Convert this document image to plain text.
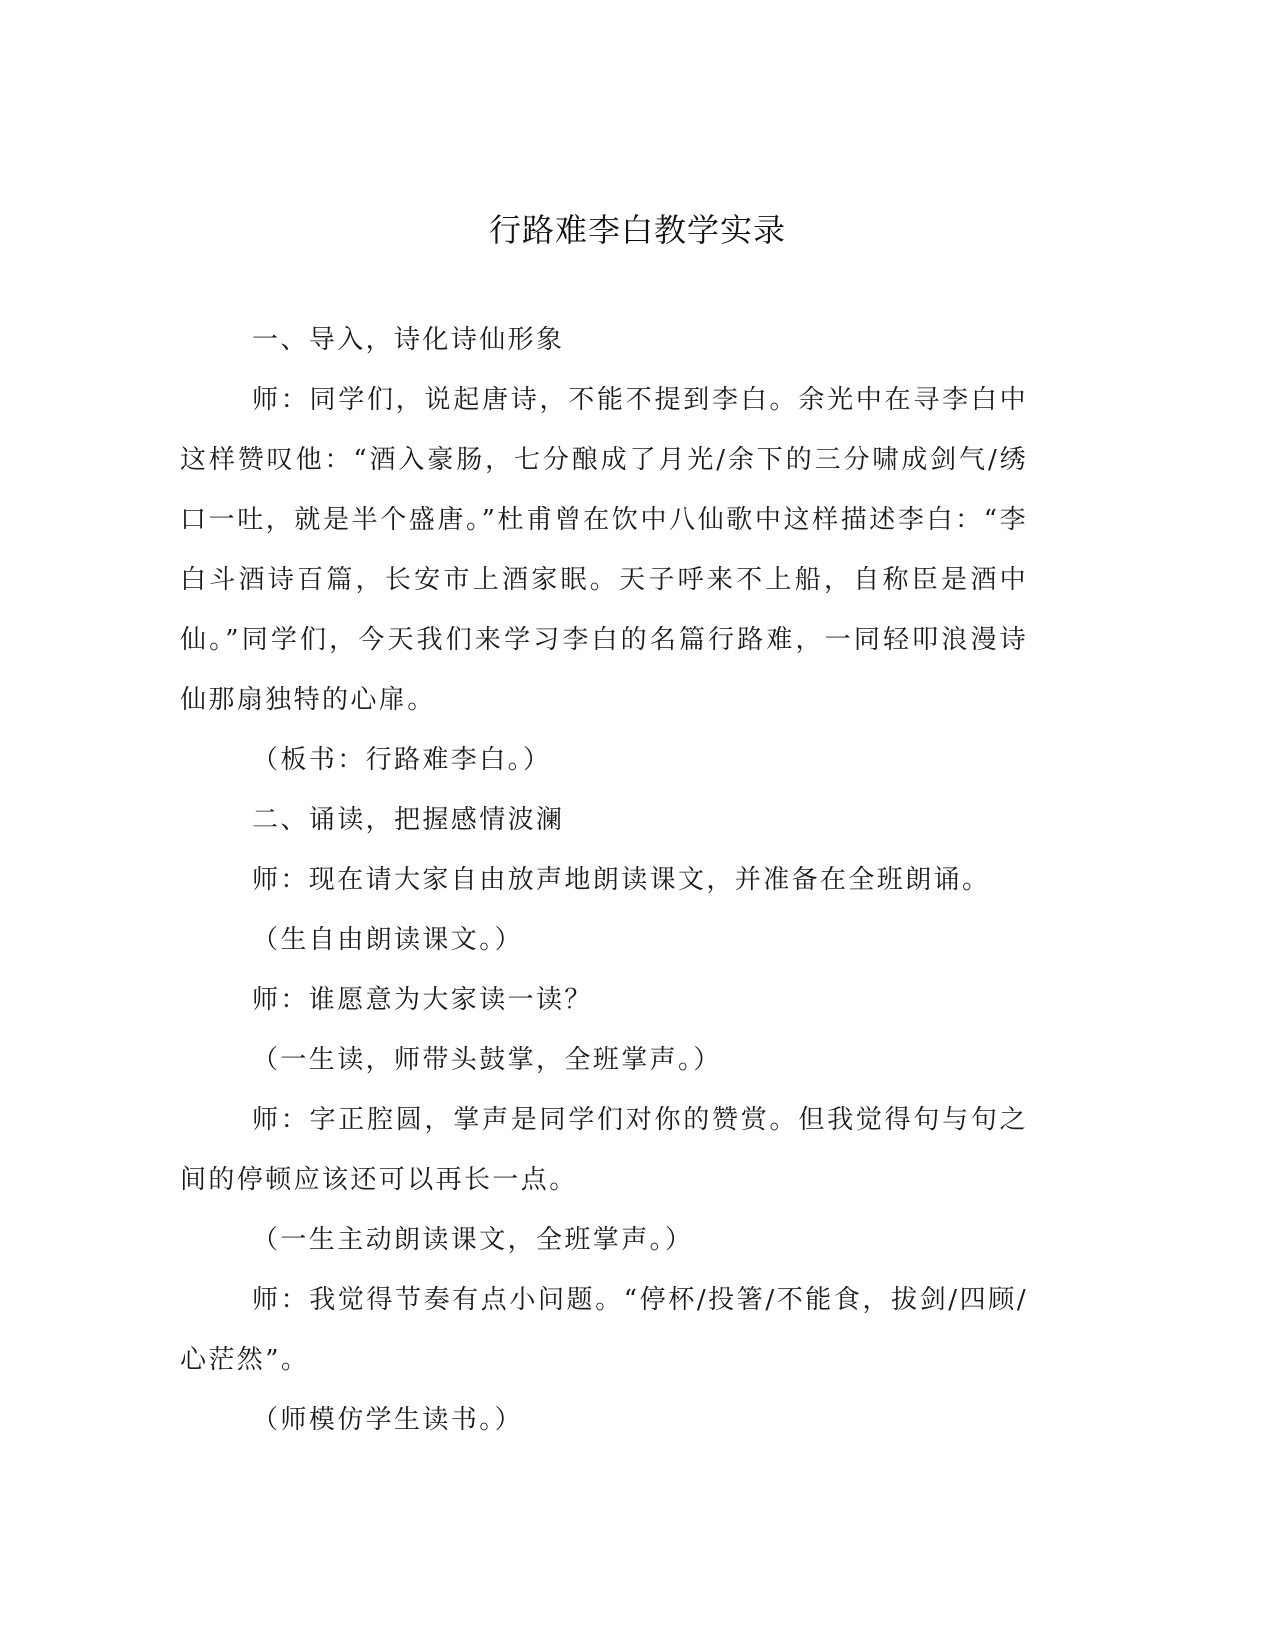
行路难李白教学实录

一、导入，诗化诗仙形象

师：同学们，说起唐诗，不能不提到李白。余光中在寻李白中这样赞叹他：“酒入豪肠，七分酿成了月光/余下的三分啸成剑气/绣口一吐，就是半个盛唐。”杜甫曾在饮中八仙歌中这样描述李白：“李白斗酒诗百篇，长安市上酒家眠。天子呼来不上船，自称臣是酒中仙。”同学们，今天我们来学习李白的名篇行路难，一同轻叩浪漫诗仙那扇独特的心扉。

（板书：行路难李白。）

二、诵读，把握感情波澜

师：现在请大家自由放声地朗读课文，并准备在全班朗诵。

（生自由朗读课文。）

师：谁愿意为大家读一读？

（一生读，师带头鼓掌，全班掌声。）

师：字正腔圆，掌声是同学们对你的赞赏。但我觉得句与句之间的停顿应该还可以再长一点。

（一生主动朗读课文，全班掌声。）

师：我觉得节奏有点小问题。“停杯/投箸/不能食，拔剑/四顾/心茫然”。

（师模仿学生读书。）
